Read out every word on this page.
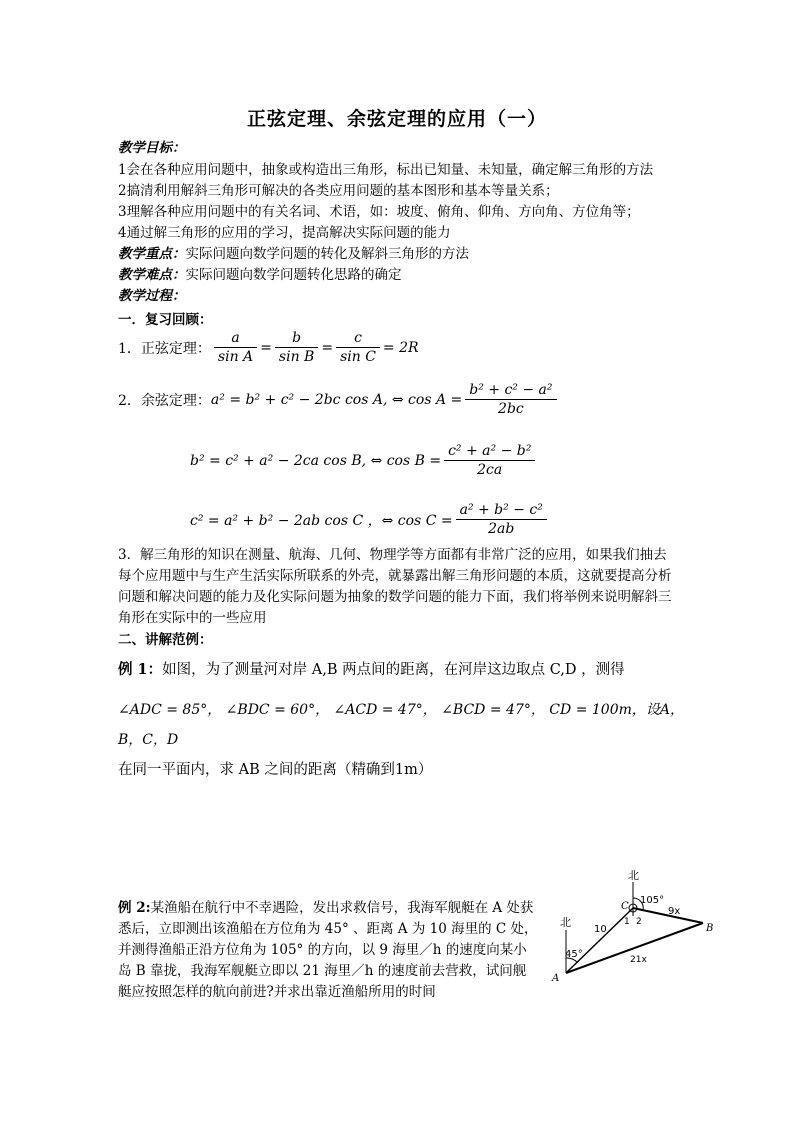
正弦定理、余弦定理的应用（一）
教学目标：
1会在各种应用问题中，抽象或构造出三角形，标出已知量、未知量，确定解三角形的方法
2搞清利用解斜三角形可解决的各类应用问题的基本图形和基本等量关系；
3理解各种应用问题中的有关名词、术语，如：坡度、俯角、仰角、方向角、方位角等；
4通过解三角形的应用的学习，提高解决实际问题的能力
教学重点：实际问题向数学问题的转化及解斜三角形的方法
教学难点：实际问题向数学问题转化思路的确定
教学过程：
一．复习回顾：
1．正弦定理： $\frac{a}{\text{sin A}} = \frac{b}{\text{sin B}} = \frac{c}{\text{sin C}} = 2R$
2．余弦定理： a² = b² + c² − 2bc cos A, ⇔ $\cos A = \frac{\text{b² + c² − a²}}{2bc}$
b² = c² + a² − 2ca cos B, ⇔ $\cos B = \frac{\text{c² + a² − b²}}{2ca}$
c² = a² + b² − 2ab cos C ，⇔ $\cos C = \frac{\text{a² + b² − c²}}{2ab}$
3．解三角形的知识在测量、航海、几何、物理学等方面都有非常广泛的应用，如果我们抽去每个应用题中与生产生活实际所联系的外壳，就暴露出解三角形问题的本质，这就要提高分析问题和解决问题的能力及化实际问题为抽象的数学问题的能力下面，我们将举例来说明解斜三角形在实际中的一些应用
二、讲解范例：
例 1：如图，为了测量河对岸 A,B 两点间的距离，在河岸这边取点 C,D ，测得
∠ADC = 85°， ∠BDC = 60°， ∠ACD = 47°， ∠BCD = 47°， CD = 100m，设A，B，C，D
在同一平面内，求 AB 之间的距离（精确到1m）
例 2:某渔船在航行中不幸遇险，发出求救信号，我海军舰艇在 A 处获悉后，立即测出该渔船在方位角为 45° 、距离 A 为 10 海里的 C 处，并测得渔船正沿方位角为 105° 的方向，以 9 海里／h 的速度向某小岛 B 靠拢，我海军舰艇立即以 21 海里／h 的速度前去营救，试问舰艇应按照怎样的航向前进?并求出靠近渔船所用的时间
北
北
105°
45°
A
B
C
10
9x
21x
1 2
